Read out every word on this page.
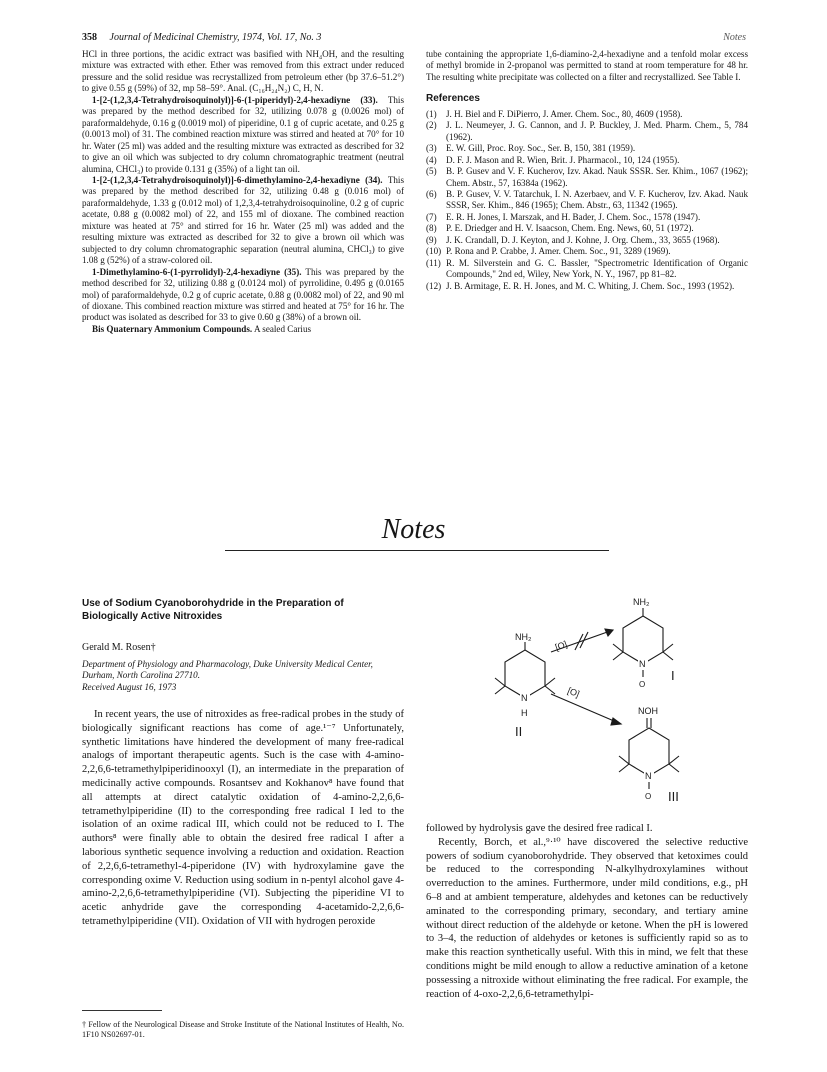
358 Journal of Medicinal Chemistry, 1974, Vol. 17, No. 3	Notes

HCl in three portions, the acidic extract was basified with NH₄OH, and the resulting mixture was extracted with ether. Ether was removed from this extract under reduced pressure and the solid residue was recrystallized from petroleum ether (bp 37.6–51.2°) to give 0.55 g (59%) of 32, mp 58–59°. Anal. (C₁₆H₂₄N₂) C, H, N.

1-[2-(1,2,3,4-Tetrahydroisoquinolyl)]-6-(1-piperidyl)-2,4-hexadiyne (33). This was prepared by the method described for 32, utilizing 0.078 g (0.0026 mol) of paraformaldehyde, 0.16 g (0.0019 mol) of piperidine, 0.1 g of cupric acetate, and 0.25 g (0.0013 mol) of 31. The combined reaction mixture was stirred and heated at 70° for 10 hr. Water (25 ml) was added and the resulting mixture was extracted as described for 32 to give an oil which was subjected to dry column chromatographic treatment (neutral alumina, CHCl₃) to provide 0.131 g (35%) of a light tan oil.

1-[2-(1,2,3,4-Tetrahydroisoquinolyl)]-6-dimethylamino-2,4-hexadiyne (34). This was prepared by the method described for 32, utilizing 0.48 g (0.016 mol) of paraformaldehyde, 1.33 g (0.012 mol) of 1,2,3,4-tetrahydroisoquinoline, 0.2 g of cupric acetate, 0.88 g (0.0082 mol) of 22, and 155 ml of dioxane. The combined reaction mixture was heated at 75° and stirred for 16 hr. Water (25 ml) was added and the resulting mixture was extracted as described for 32 to give a brown oil which was subjected to dry column chromatographic separation (neutral alumina, CHCl₃) to give 1.08 g (52%) of a straw-colored oil.

1-Dimethylamino-6-(1-pyrrolidyl)-2,4-hexadiyne (35). This was prepared by the method described for 32, utilizing 0.88 g (0.0124 mol) of pyrrolidine, 0.495 g (0.0165 mol) of paraformaldehyde, 0.2 g of cupric acetate, 0.88 g (0.0082 mol) of 22, and 90 ml of dioxane. This combined reaction mixture was stirred and heated at 75° for 16 hr. The product was isolated as described for 33 to give 0.60 g (38%) of a brown oil.

Bis Quaternary Ammonium Compounds. A sealed Carius

tube containing the appropriate 1,6-diamino-2,4-hexadiyne and a tenfold molar excess of methyl bromide in 2-propanol was permitted to stand at room temperature for 48 hr. The resulting white precipitate was collected on a filter and recrystallized. See Table I.

References

(1) J. H. Biel and F. DiPierro, J. Amer. Chem. Soc., 80, 4609 (1958).

(2) J. L. Neumeyer, J. G. Cannon, and J. P. Buckley, J. Med. Pharm. Chem., 5, 784 (1962).

(3) E. W. Gill, Proc. Roy. Soc., Ser. B, 150, 381 (1959).

(4) D. F. J. Mason and R. Wien, Brit. J. Pharmacol., 10, 124 (1955).

(5) B. P. Gusev and V. F. Kucherov, Izv. Akad. Nauk SSSR. Ser. Khim., 1067 (1962); Chem. Abstr., 57, 16384a (1962).

(6) B. P. Gusev, V. V. Tatarchuk, I. N. Azerbaev, and V. F. Kucherov, Izv. Akad. Nauk SSSR, Ser. Khim., 846 (1965); Chem. Abstr., 63, 11342 (1965).

(7) E. R. H. Jones, I. Marszak, and H. Bader, J. Chem. Soc., 1578 (1947).

(8) P. E. Driedger and H. V. Isaacson, Chem. Eng. News, 60, 51 (1972).

(9) J. K. Crandall, D. J. Keyton, and J. Kohne, J. Org. Chem., 33, 3655 (1968).

(10) P. Rona and P. Crabbe, J. Amer. Chem. Soc., 91, 3289 (1969).

(11) R. M. Silverstein and G. C. Bassler, "Spectrometric Identification of Organic Compounds," 2nd ed, Wiley, New York, N. Y., 1967, pp 81–82.

(12) J. B. Armitage, E. R. H. Jones, and M. C. Whiting, J. Chem. Soc., 1993 (1952).

Notes
Use of Sodium Cyanoborohydride in the Preparation of Biologically Active Nitroxides
Gerald M. Rosen†
Department of Physiology and Pharmacology, Duke University Medical Center, Durham, North Carolina 27710.
Received August 16, 1973

In recent years, the use of nitroxides as free-radical probes in the study of biologically significant reactions has come of age.¹⁻⁷ Unfortunately, synthetic limitations have hindered the development of many free-radical analogs of important therapeutic agents. Such is the case with 4-amino-2,2,6,6-tetramethylpiperidinooxyl (I), an intermediate in the preparation of medicinally active compounds. Rosantsev and Kokhanov⁸ have found that all attempts at direct catalytic oxidation of 4-amino-2,2,6,6-tetramethylpiperidine (II) to the corresponding free radical I led to the isolation of an oxime radical III, which could not be reduced to I. The authors⁸ were finally able to obtain the desired free radical I after a laborious synthetic sequence involving a reduction and oxidation. Reaction of 2,2,6,6-tetramethyl-4-piperidone (IV) with hydroxylamine gave the corresponding oxime V. Reduction using sodium in n-pentyl alcohol gave 4-amino-2,2,6,6-tetramethylpiperidine (VI). Subjecting the piperidine VI to acetic anhydride gave the corresponding 4-acetamido-2,2,6,6-tetramethylpiperidine (VII). Oxidation of VII with hydrogen peroxide

† Fellow of the Neurological Disease and Stroke Institute of the National Institutes of Health, No. 1F10 NS02697-01.
NH₂
N
H
II
[O]
[O]
NH₂
N
O
I
NOH
N
O III

followed by hydrolysis gave the desired free radical I.

Recently, Borch, et al.,⁹·¹⁰ have discovered the selective reductive powers of sodium cyanoborohydride. They observed that ketoximes could be reduced to the corresponding N-alkylhydroxylamines without overreduction to the amines. Furthermore, under mild conditions, e.g., pH 6–8 and at ambient temperature, aldehydes and ketones can be reductively aminated to the corresponding primary, secondary, and tertiary amine without direct reduction of the aldehyde or ketone. When the pH is lowered to 3–4, the reduction of aldehydes or ketones is sufficiently rapid so as to make this reaction synthetically useful. With this in mind, we felt that these conditions might be mild enough to allow a reductive amination of a ketone possessing a nitroxide without eliminating the free radical. For example, the reaction of 4-oxo-2,2,6,6-tetramethylpi-
